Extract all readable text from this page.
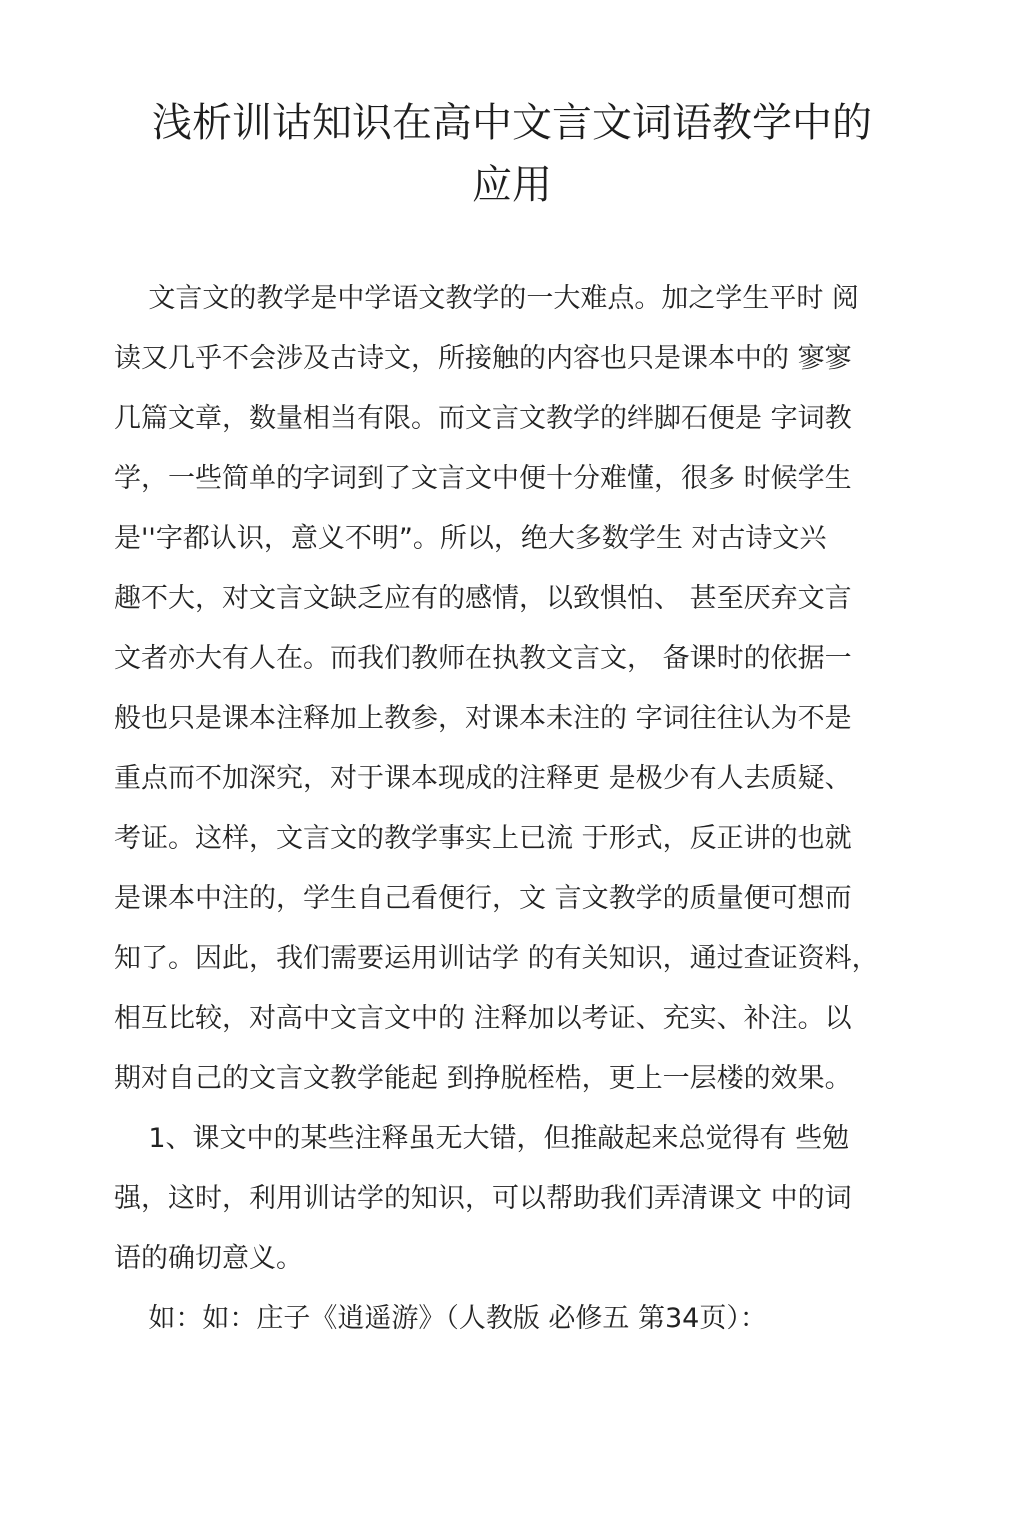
浅析训诂知识在高中文言文词语教学中的
应用
文言文的教学是中学语文教学的一大难点。加之学生平时 阅
读又几乎不会涉及古诗文，所接触的内容也只是课本中的 寥寥
几篇文章，数量相当有限。而文言文教学的绊脚石便是 字词教
学，一些简单的字词到了文言文中便十分难懂，很多 时候学生
是''字都认识，意义不明”。所以，绝大多数学生 对古诗文兴
趣不大，对文言文缺乏应有的感情，以致惧怕、 甚至厌弃文言
文者亦大有人在。而我们教师在执教文言文， 备课时的依据一
般也只是课本注释加上教参，对课本未注的 字词往往认为不是
重点而不加深究，对于课本现成的注释更 是极少有人去质疑、
考证。这样，文言文的教学事实上已流 于形式，反正讲的也就
是课本中注的，学生自己看便行，文 言文教学的质量便可想而
知了。因此，我们需要运用训诂学 的有关知识，通过查证资料，
相互比较，对高中文言文中的 注释加以考证、充实、补注。以
期对自己的文言文教学能起 到挣脱桎梏，更上一层楼的效果。
1、课文中的某些注释虽无大错，但推敲起来总觉得有 些勉
强，这时，利用训诂学的知识，可以帮助我们弄清课文 中的词
语的确切意义。
如：如：庄子《逍遥游》（人教版 必修五 第34页）：
